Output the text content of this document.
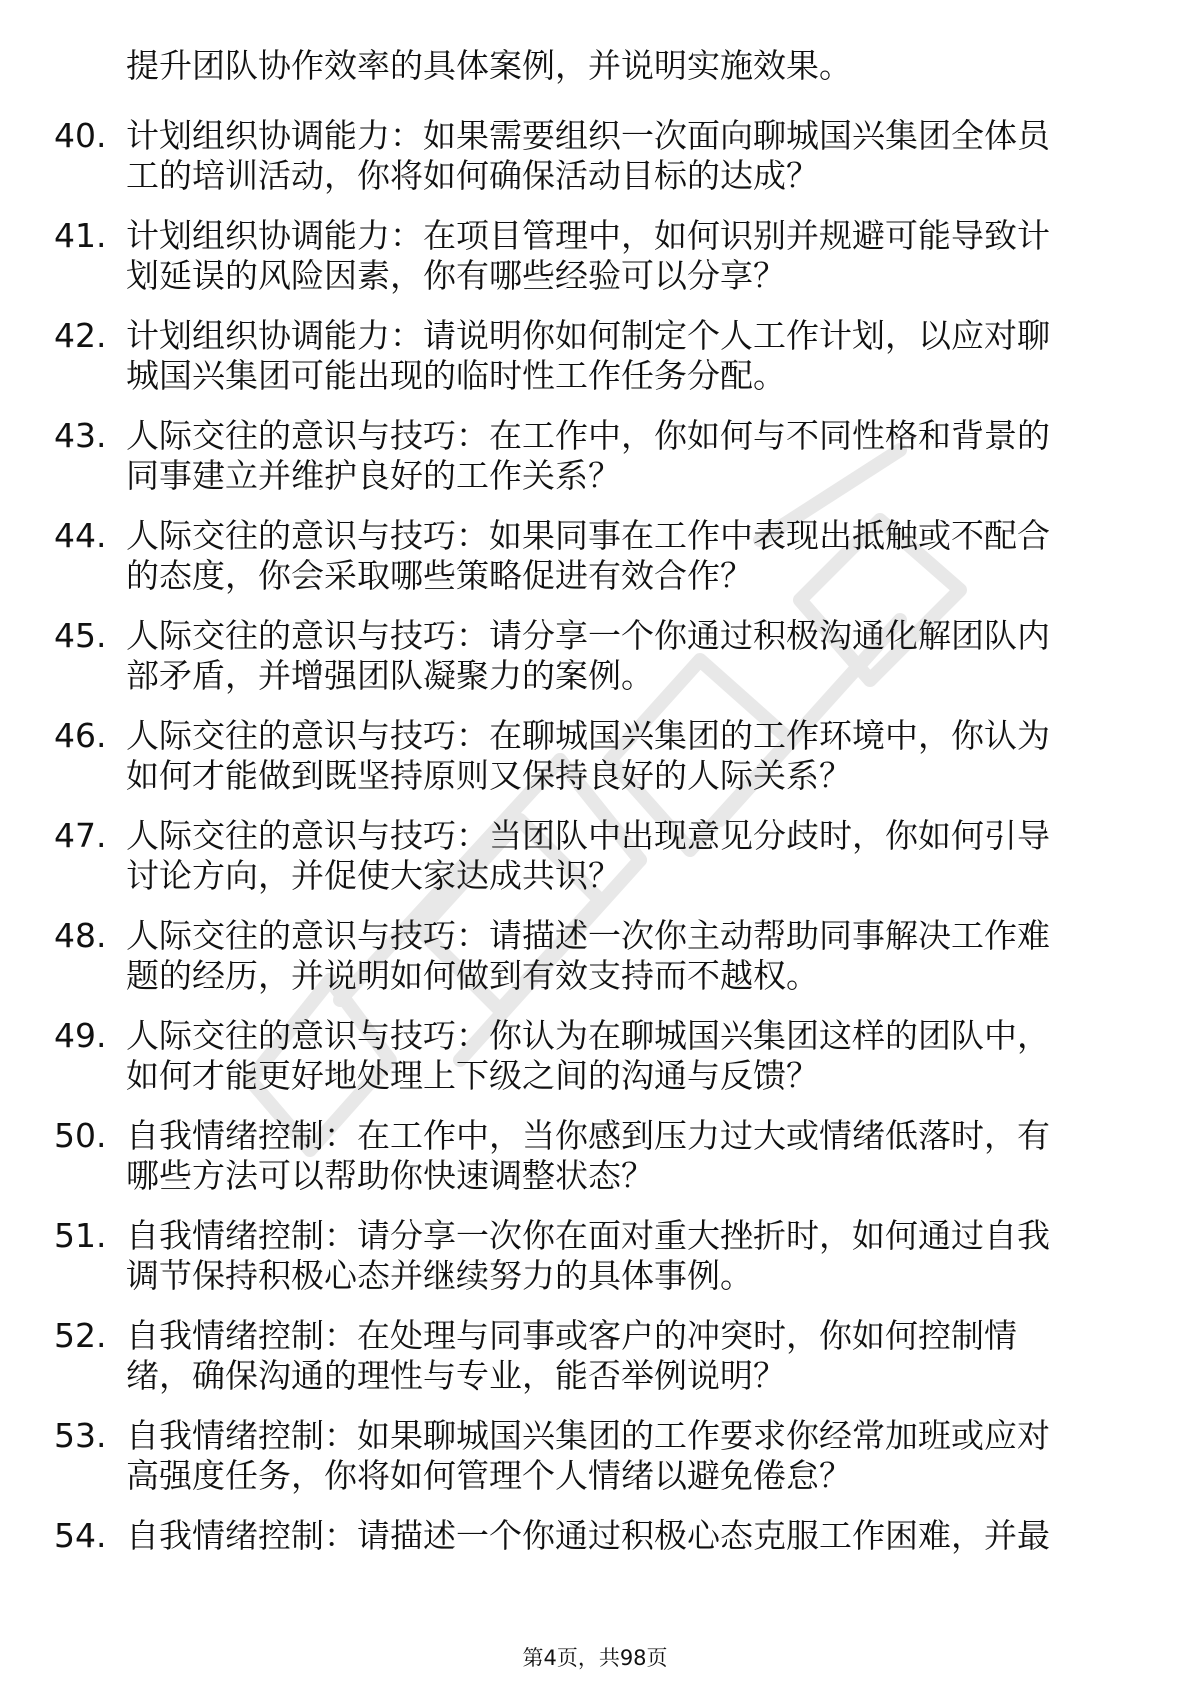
提升团队协作效率的具体案例，并说明实施效果。
40. 计划组织协调能力：如果需要组织一次面向聊城国兴集团全体员
工的培训活动，你将如何确保活动目标的达成？
41. 计划组织协调能力：在项目管理中，如何识别并规避可能导致计
划延误的风险因素，你有哪些经验可以分享？
42. 计划组织协调能力：请说明你如何制定个人工作计划，以应对聊
城国兴集团可能出现的临时性工作任务分配。
43. 人际交往的意识与技巧：在工作中，你如何与不同性格和背景的
同事建立并维护良好的工作关系？
44. 人际交往的意识与技巧：如果同事在工作中表现出抵触或不配合
的态度，你会采取哪些策略促进有效合作？
45. 人际交往的意识与技巧：请分享一个你通过积极沟通化解团队内
部矛盾，并增强团队凝聚力的案例。
46. 人际交往的意识与技巧：在聊城国兴集团的工作环境中，你认为
如何才能做到既坚持原则又保持良好的人际关系？
47. 人际交往的意识与技巧：当团队中出现意见分歧时，你如何引导
讨论方向，并促使大家达成共识？
48. 人际交往的意识与技巧：请描述一次你主动帮助同事解决工作难
题的经历，并说明如何做到有效支持而不越权。
49. 人际交往的意识与技巧：你认为在聊城国兴集团这样的团队中，
如何才能更好地处理上下级之间的沟通与反馈？
50. 自我情绪控制：在工作中，当你感到压力过大或情绪低落时，有
哪些方法可以帮助你快速调整状态？
51. 自我情绪控制：请分享一次你在面对重大挫折时，如何通过自我
调节保持积极心态并继续努力的具体事例。
52. 自我情绪控制：在处理与同事或客户的冲突时，你如何控制情
绪，确保沟通的理性与专业，能否举例说明？
53. 自我情绪控制：如果聊城国兴集团的工作要求你经常加班或应对
高强度任务，你将如何管理个人情绪以避免倦怠？
54. 自我情绪控制：请描述一个你通过积极心态克服工作困难，并最
第4页，共98页
